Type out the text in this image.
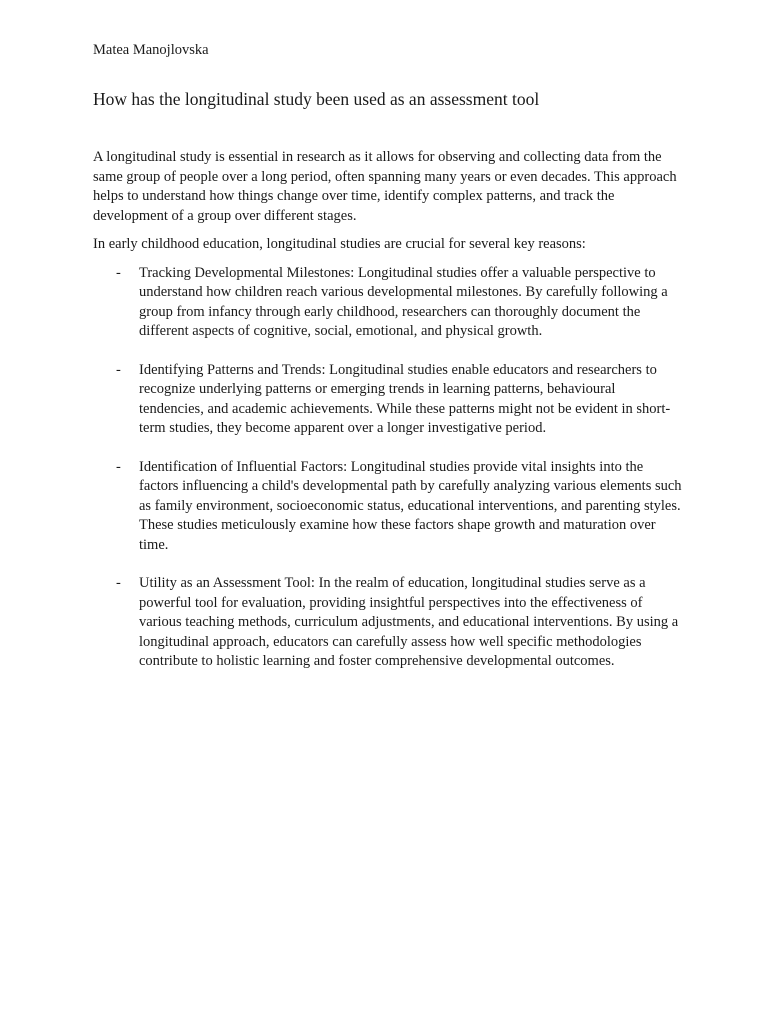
Matea Manojlovska
How has the longitudinal study been used as an assessment tool

A longitudinal study is essential in research as it allows for observing and collecting data from the same group of people over a long period, often spanning many years or even decades. This approach helps to understand how things change over time, identify complex patterns, and track the development of a group over different stages.

In early childhood education, longitudinal studies are crucial for several key reasons:

- Tracking Developmental Milestones: Longitudinal studies offer a valuable perspective to understand how children reach various developmental milestones. By carefully following a group from infancy through early childhood, researchers can thoroughly document the different aspects of cognitive, social, emotional, and physical growth.
- Identifying Patterns and Trends: Longitudinal studies enable educators and researchers to recognize underlying patterns or emerging trends in learning patterns, behavioural tendencies, and academic achievements. While these patterns might not be evident in short-term studies, they become apparent over a longer investigative period.
- Identification of Influential Factors: Longitudinal studies provide vital insights into the factors influencing a child's developmental path by carefully analyzing various elements such as family environment, socioeconomic status, educational interventions, and parenting styles. These studies meticulously examine how these factors shape growth and maturation over time.
- Utility as an Assessment Tool: In the realm of education, longitudinal studies serve as a powerful tool for evaluation, providing insightful perspectives into the effectiveness of various teaching methods, curriculum adjustments, and educational interventions. By using a longitudinal approach, educators can carefully assess how well specific methodologies contribute to holistic learning and foster comprehensive developmental outcomes.
